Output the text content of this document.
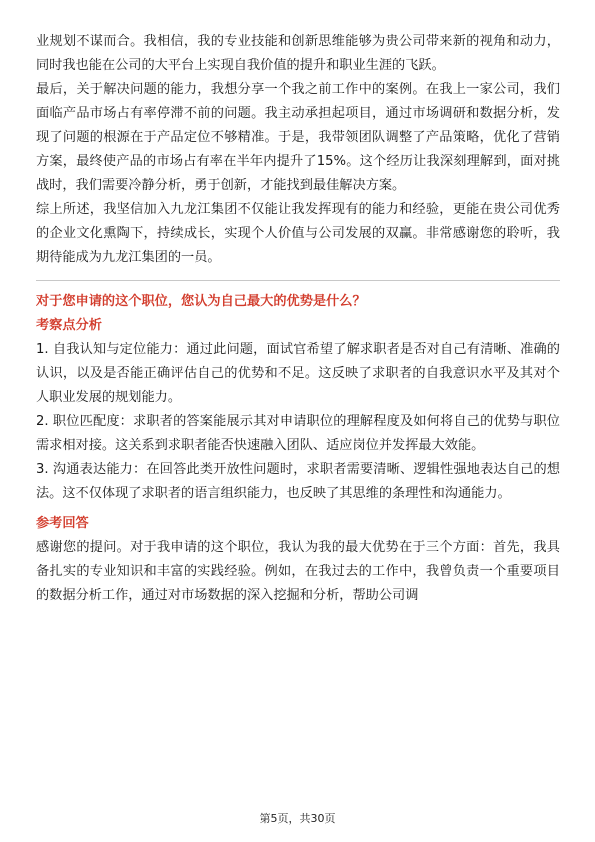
业规划不谋而合。我相信，我的专业技能和创新思维能够为贵公司带来新的视角和动力，同时我也能在公司的大平台上实现自我价值的提升和职业生涯的飞跃。

最后，关于解决问题的能力，我想分享一个我之前工作中的案例。在我上一家公司，我们面临产品市场占有率停滞不前的问题。我主动承担起项目，通过市场调研和数据分析，发现了问题的根源在于产品定位不够精准。于是，我带领团队调整了产品策略，优化了营销方案，最终使产品的市场占有率在半年内提升了15%。这个经历让我深刻理解到，面对挑战时，我们需要冷静分析，勇于创新，才能找到最佳解决方案。

综上所述，我坚信加入九龙江集团不仅能让我发挥现有的能力和经验，更能在贵公司优秀的企业文化熏陶下，持续成长，实现个人价值与公司发展的双赢。非常感谢您的聆听，我期待能成为九龙江集团的一员。

对于您申请的这个职位，您认为自己最大的优势是什么？

考察点分析

1. 自我认知与定位能力：通过此问题，面试官希望了解求职者是否对自己有清晰、准确的认识，以及是否能正确评估自己的优势和不足。这反映了求职者的自我意识水平及其对个人职业发展的规划能力。

2. 职位匹配度：求职者的答案能展示其对申请职位的理解程度及如何将自己的优势与职位需求相对接。这关系到求职者能否快速融入团队、适应岗位并发挥最大效能。

3. 沟通表达能力：在回答此类开放性问题时，求职者需要清晰、逻辑性强地表达自己的想法。这不仅体现了求职者的语言组织能力，也反映了其思维的条理性和沟通能力。

参考回答

感谢您的提问。对于我申请的这个职位，我认为我的最大优势在于三个方面：首先，我具备扎实的专业知识和丰富的实践经验。例如，在我过去的工作中，我曾负责一个重要项目的数据分析工作，通过对市场数据的深入挖掘和分析，帮助公司调

第5页，共30页
